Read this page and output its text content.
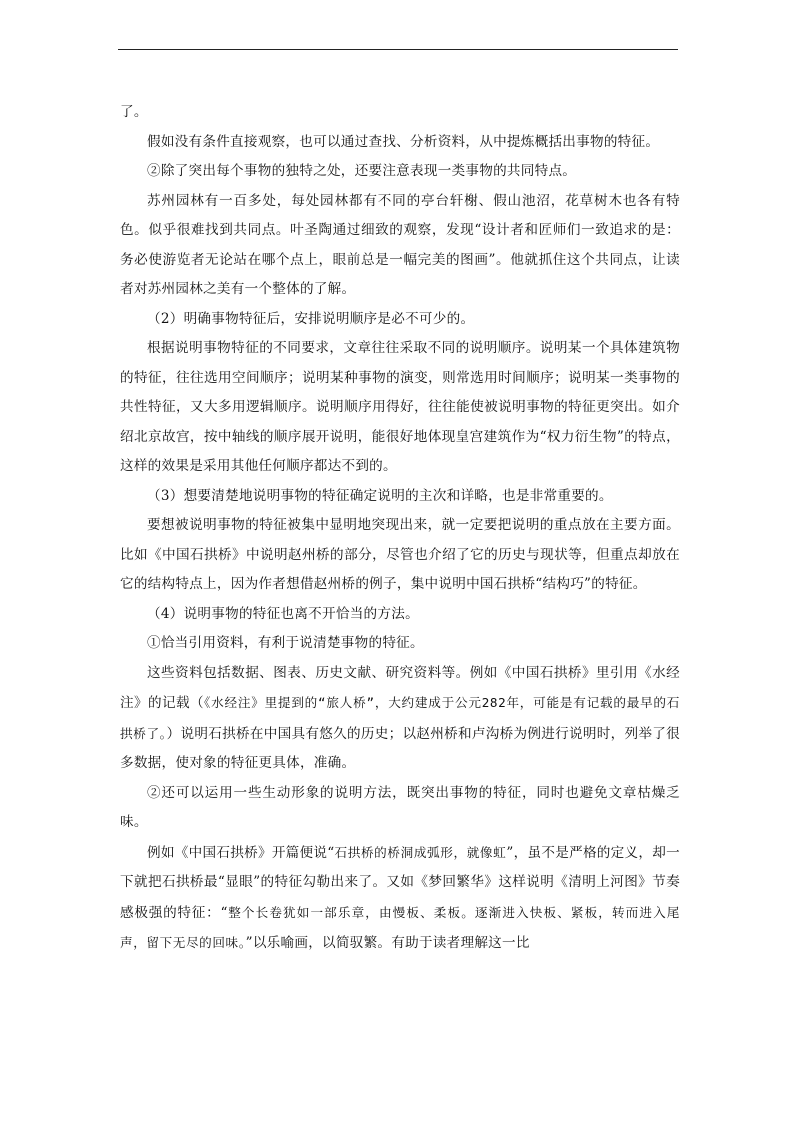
了。

假如没有条件直接观察，也可以通过查找、分析资料，从中提炼概括出事物的特征。

②除了突出每个事物的独特之处，还要注意表现一类事物的共同特点。

苏州园林有一百多处，每处园林都有不同的亭台轩榭、假山池沼，花草树木也各有特色。似乎很难找到共同点。叶圣陶通过细致的观察，发现“设计者和匠师们一致追求的是：务必使游览者无论站在哪个点上，眼前总是一幅完美的图画”。他就抓住这个共同点，让读者对苏州园林之美有一个整体的了解。

（2）明确事物特征后，安排说明顺序是必不可少的。

根据说明事物特征的不同要求，文章往往采取不同的说明顺序。说明某一个具体建筑物的特征，往往选用空间顺序；说明某种事物的演变，则常选用时间顺序；说明某一类事物的共性特征，又大多用逻辑顺序。说明顺序用得好，往往能使被说明事物的特征更突出。如介绍北京故宫，按中轴线的顺序展开说明，能很好地体现皇宫建筑作为“权力衍生物”的特点，这样的效果是采用其他任何顺序都达不到的。

（3）想要清楚地说明事物的特征确定说明的主次和详略，也是非常重要的。

要想被说明事物的特征被集中显明地突现出来，就一定要把说明的重点放在主要方面。比如《中国石拱桥》中说明赵州桥的部分，尽管也介绍了它的历史与现状等，但重点却放在它的结构特点上，因为作者想借赵州桥的例子，集中说明中国石拱桥“结构巧”的特征。

（4）说明事物的特征也离不开恰当的方法。

①恰当引用资料，有利于说清楚事物的特征。

这些资料包括数据、图表、历史文献、研究资料等。例如《中国石拱桥》里引用《水经注》的记载（《水经注》里提到的“旅人桥”，大约建成于公元282年，可能是有记载的最早的石拱桥了。）说明石拱桥在中国具有悠久的历史；以赵州桥和卢沟桥为例进行说明时，列举了很多数据，使对象的特征更具体，准确。

②还可以运用一些生动形象的说明方法，既突出事物的特征，同时也避免文章枯燥乏味。

例如《中国石拱桥》开篇便说“石拱桥的桥洞成弧形，就像虹”，虽不是严格的定义，却一下就把石拱桥最“显眼”的特征勾勒出来了。又如《梦回繁华》这样说明《清明上河图》节奏感极强的特征：“整个长卷犹如一部乐章，由慢板、柔板。逐渐进入快板、紧板，转而进入尾声，留下无尽的回味。”以乐喻画，以简驭繁。有助于读者理解这一比
